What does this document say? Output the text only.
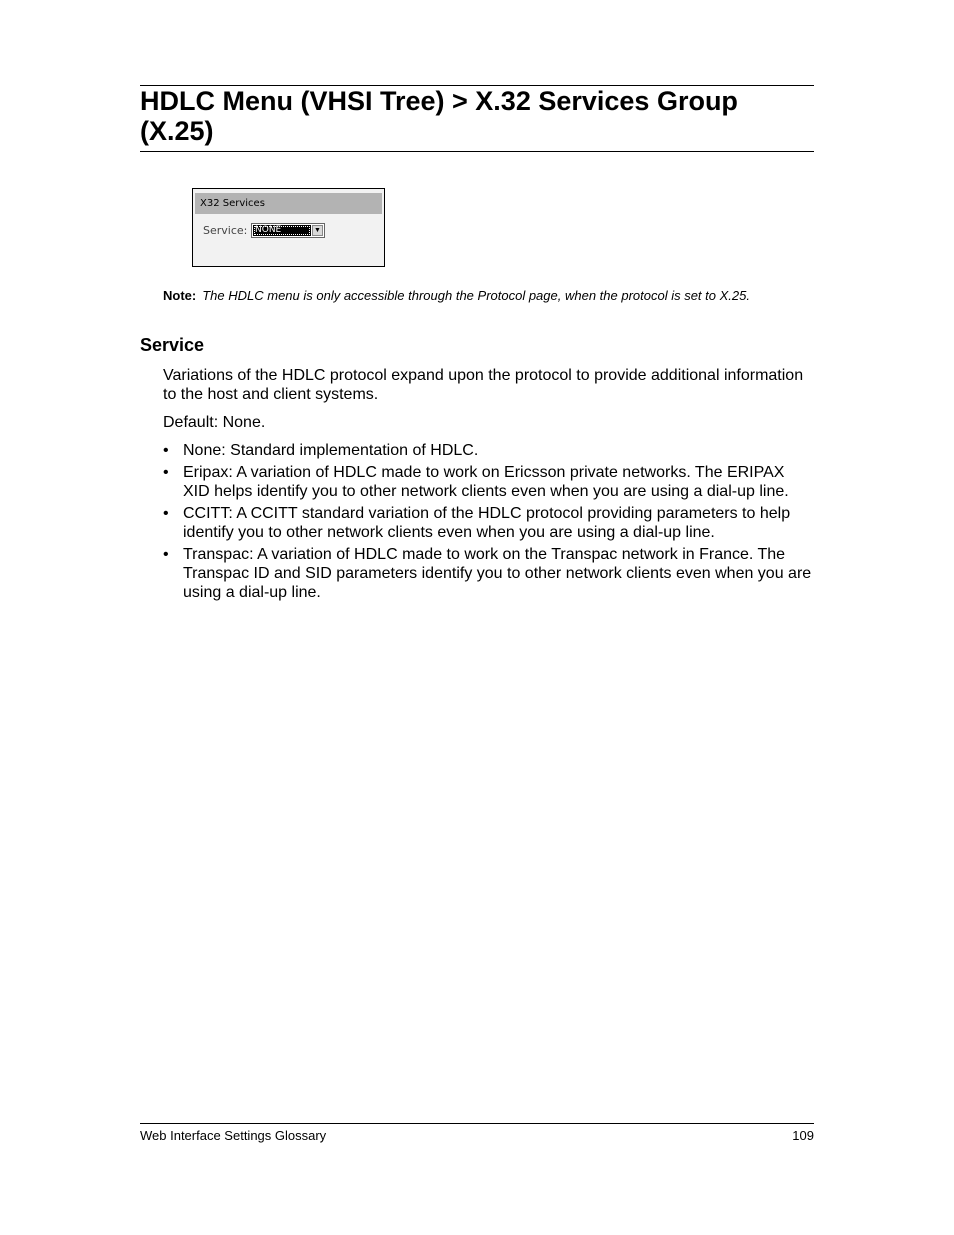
HDLC Menu (VHSI Tree) > X.32 Services Group (X.25)
X32 Services
Service: NONE	▼
Note: The HDLC menu is only accessible through the Protocol page, when the protocol is set to X.25.
Service

Variations of the HDLC protocol expand upon the protocol to provide additional information to the host and client systems.

Default: None.

• None: Standard implementation of HDLC.
• Eripax: A variation of HDLC made to work on Ericsson private networks. The ERIPAX XID helps identify you to other network clients even when you are using a dial-up line.
• CCITT: A CCITT standard variation of the HDLC protocol providing parameters to help identify you to other network clients even when you are using a dial-up line.
• Transpac: A variation of HDLC made to work on the Transpac network in France. The Transpac ID and SID parameters identify you to other network clients even when you are using a dial-up line.
Web Interface Settings Glossary	109
